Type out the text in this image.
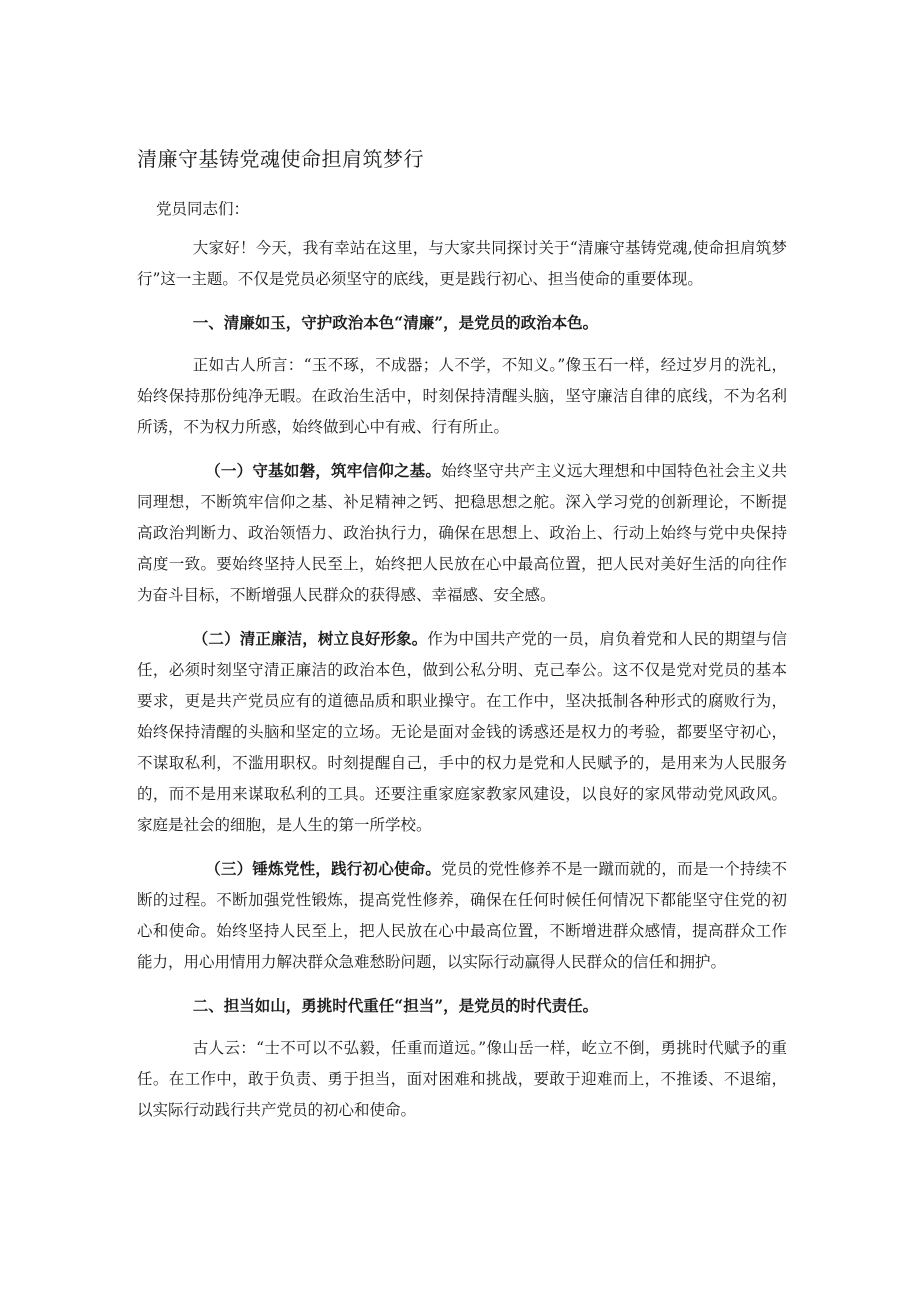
清廉守基铸党魂使命担肩筑梦行

党员同志们：

大家好！今天，我有幸站在这里，与大家共同探讨关于“清廉守基铸党魂,使命担肩筑梦行”这一主题。不仅是党员必须坚守的底线，更是践行初心、担当使命的重要体现。

一、清廉如玉，守护政治本色“清廉”，是党员的政治本色。

正如古人所言：“玉不琢，不成器；人不学，不知义。”像玉石一样，经过岁月的洗礼，始终保持那份纯净无暇。在政治生活中，时刻保持清醒头脑，坚守廉洁自律的底线，不为名利所诱，不为权力所惑，始终做到心中有戒、行有所止。

（一）守基如磐，筑牢信仰之基。始终坚守共产主义远大理想和中国特色社会主义共同理想，不断筑牢信仰之基、补足精神之钙、把稳思想之舵。深入学习党的创新理论，不断提高政治判断力、政治领悟力、政治执行力，确保在思想上、政治上、行动上始终与党中央保持高度一致。要始终坚持人民至上，始终把人民放在心中最高位置，把人民对美好生活的向往作为奋斗目标，不断增强人民群众的获得感、幸福感、安全感。

（二）清正廉洁，树立良好形象。作为中国共产党的一员，肩负着党和人民的期望与信任，必须时刻坚守清正廉洁的政治本色，做到公私分明、克己奉公。这不仅是党对党员的基本要求，更是共产党员应有的道德品质和职业操守。在工作中，坚决抵制各种形式的腐败行为，始终保持清醒的头脑和坚定的立场。无论是面对金钱的诱惑还是权力的考验，都要坚守初心，不谋取私利，不滥用职权。时刻提醒自己，手中的权力是党和人民赋予的，是用来为人民服务的，而不是用来谋取私利的工具。还要注重家庭家教家风建设，以良好的家风带动党风政风。家庭是社会的细胞，是人生的第一所学校。

（三）锤炼党性，践行初心使命。党员的党性修养不是一蹴而就的，而是一个持续不断的过程。不断加强党性锻炼，提高党性修养，确保在任何时候任何情况下都能坚守住党的初心和使命。始终坚持人民至上，把人民放在心中最高位置，不断增进群众感情，提高群众工作能力，用心用情用力解决群众急难愁盼问题，以实际行动赢得人民群众的信任和拥护。

二、担当如山，勇挑时代重任“担当”，是党员的时代责任。

古人云：“士不可以不弘毅，任重而道远。”像山岳一样，屹立不倒，勇挑时代赋予的重任。在工作中，敢于负责、勇于担当，面对困难和挑战，要敢于迎难而上，不推诿、不退缩，以实际行动践行共产党员的初心和使命。
